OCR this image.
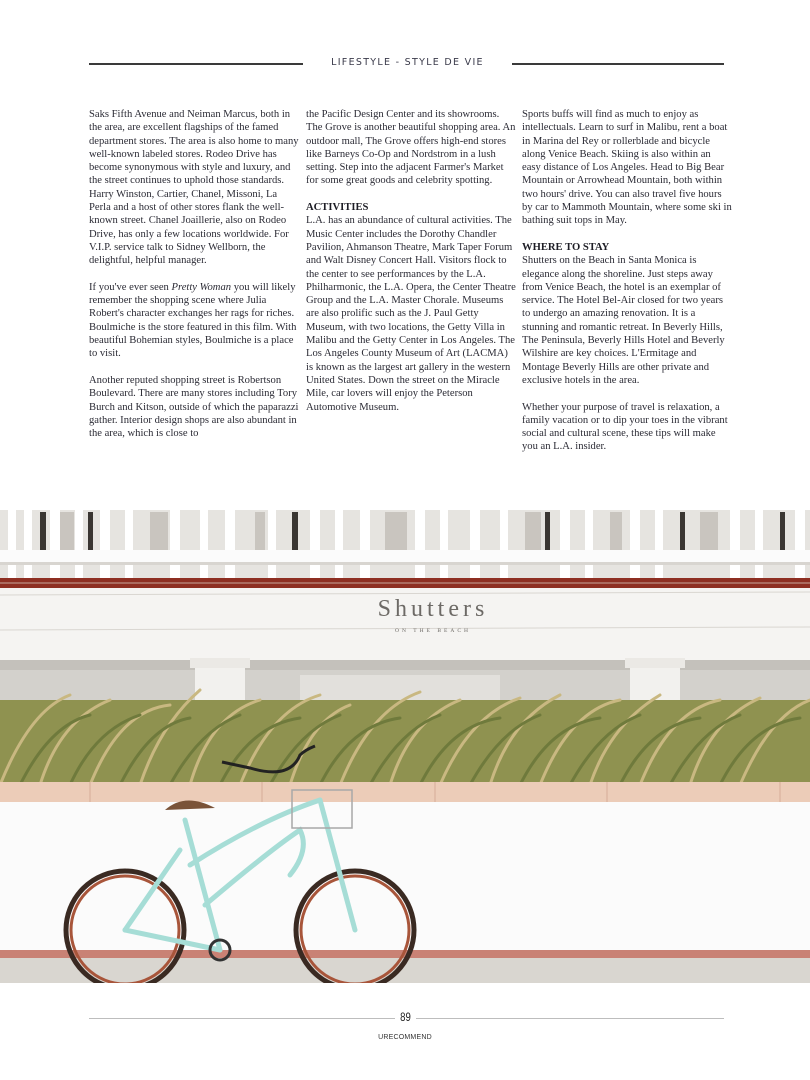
LIFESTYLE - STYLE DE VIE

Saks Fifth Avenue and Neiman Marcus, both in the area, are excellent flagships of the famed department stores. The area is also home to many well-known labeled stores. Rodeo Drive has become synonymous with style and luxury, and the street continues to uphold those standards. Harry Winston, Cartier, Chanel, Missoni, La Perla and a host of other stores flank the well-known street. Chanel Joaillerie, also on Rodeo Drive, has only a few locations worldwide. For V.I.P. service talk to Sidney Wellborn, the delightful, helpful manager.

If you've ever seen Pretty Woman you will likely remember the shopping scene where Julia Robert's character exchanges her rags for riches. Boulmiche is the store featured in this film. With beautiful Bohemian styles, Boulmiche is a place to visit.

Another reputed shopping street is Robertson Boulevard. There are many stores including Tory Burch and Kitson, outside of which the paparazzi gather. Interior design shops are also abundant in the area, which is close to

the Pacific Design Center and its showrooms. The Grove is another beautiful shopping area. An outdoor mall, The Grove offers high-end stores like Barneys Co-Op and Nordstrom in a lush setting. Step into the adjacent Farmer's Market for some great goods and celebrity spotting.

ACTIVITIES

L.A. has an abundance of cultural activities. The Music Center includes the Dorothy Chandler Pavilion, Ahmanson Theatre, Mark Taper Forum and Walt Disney Concert Hall. Visitors flock to the center to see performances by the L.A. Philharmonic, the L.A. Opera, the Center Theatre Group and the L.A. Master Chorale. Museums are also prolific such as the J. Paul Getty Museum, with two locations, the Getty Villa in Malibu and the Getty Center in Los Angeles. The Los Angeles County Museum of Art (LACMA) is known as the largest art gallery in the western United States. Down the street on the Miracle Mile, car lovers will enjoy the Peterson Automotive Museum.

Sports buffs will find as much to enjoy as intellectuals. Learn to surf in Malibu, rent a boat in Marina del Rey or rollerblade and bicycle along Venice Beach. Skiing is also within an easy distance of Los Angeles. Head to Big Bear Mountain or Arrowhead Mountain, both within two hours' drive. You can also travel five hours by car to Mammoth Mountain, where some ski in bathing suit tops in May.

WHERE TO STAY

Shutters on the Beach in Santa Monica is elegance along the shoreline. Just steps away from Venice Beach, the hotel is an exemplar of service. The Hotel Bel-Air closed for two years to undergo an amazing renovation. It is a stunning and romantic retreat. In Beverly Hills, The Peninsula, Beverly Hills Hotel and Beverly Wilshire are key choices. L'Ermitage and Montage Beverly Hills are other private and exclusive hotels in the area.

Whether your purpose of travel is relaxation, a family vacation or to dip your toes in the vibrant social and cultural scene, these tips will make you an L.A. insider.

Shutters
ON THE BEACH
89
URECOMMEND
